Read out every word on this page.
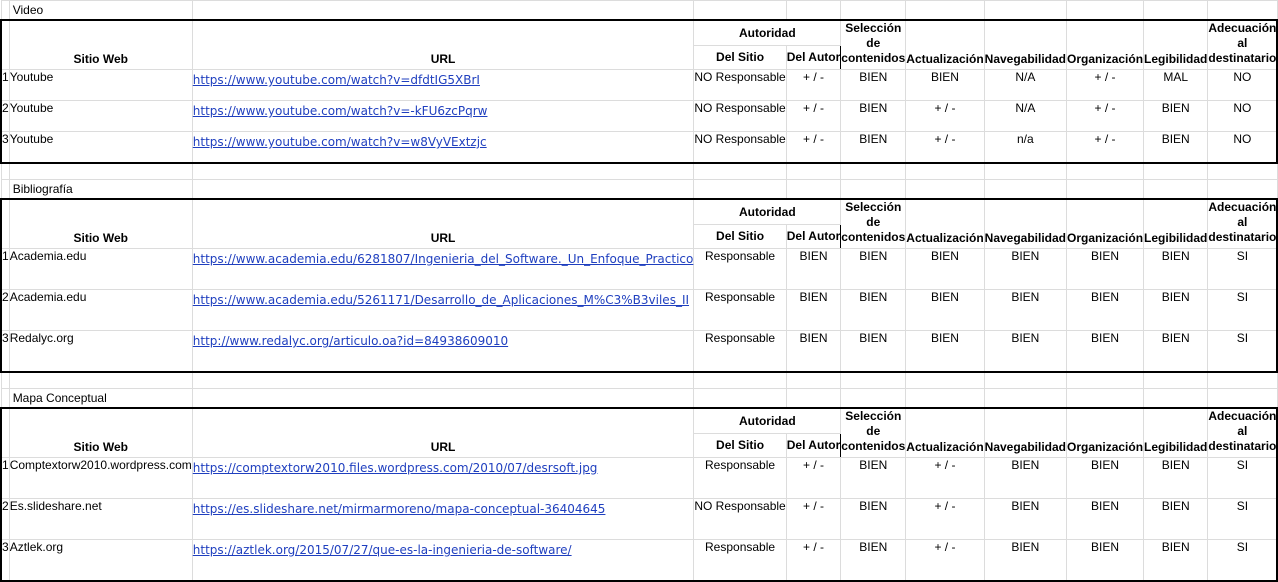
	Video									
	Sitio Web	URL	Autoridad		Selección de contenidos	Actualización	Navegabilidad	Organización	Legibilidad	Adecuación al destinatario
			Del Sitio	Del Autor						
1	Youtube	https://www.youtube.com/watch?v=dfdtIG5XBrI	NO Responsable	+ / -	BIEN	BIEN	N/A	+ / -	MAL	NO
2	Youtube	https://www.youtube.com/watch?v=-kFU6zcPqrw	NO Responsable	+ / -	BIEN	+ / -	N/A	+ / -	BIEN	NO
3	Youtube	https://www.youtube.com/watch?v=w8VyVExtzjc	NO Responsable	+ / -	BIEN	+ / -	n/a	+ / -	BIEN	NO

	Bibliografía									
	Sitio Web	URL	Autoridad		Selección de contenidos	Actualización	Navegabilidad	Organización	Legibilidad	Adecuación al destinatario
			Del Sitio	Del Autor						
1	Academia.edu	https://www.academia.edu/6281807/Ingenieria_del_Software._Un_Enfoque_Practico	Responsable	BIEN	BIEN	BIEN	BIEN	BIEN	BIEN	SI
2	Academia.edu	https://www.academia.edu/5261171/Desarrollo_de_Aplicaciones_M%C3%B3viles_II	Responsable	BIEN	BIEN	BIEN	BIEN	BIEN	BIEN	SI
3	Redalyc.org	http://www.redalyc.org/articulo.oa?id=84938609010	Responsable	BIEN	BIEN	BIEN	BIEN	BIEN	BIEN	SI

	Mapa Conceptual									
	Sitio Web	URL	Autoridad		Selección de contenidos	Actualización	Navegabilidad	Organización	Legibilidad	Adecuación al destinatario
			Del Sitio	Del Autor						
1	Comptextorw2010.wordpress.com	https://comptextorw2010.files.wordpress.com/2010/07/desrsoft.jpg	Responsable	+ / -	BIEN	+ / -	BIEN	BIEN	BIEN	SI
2	Es.slideshare.net	https://es.slideshare.net/mirmarmoreno/mapa-conceptual-36404645	NO Responsable	+ / -	BIEN	+ / -	BIEN	BIEN	BIEN	SI
3	Aztlek.org	https://aztlek.org/2015/07/27/que-es-la-ingenieria-de-software/	Responsable	+ / -	BIEN	+ / -	BIEN	BIEN	BIEN	SI
